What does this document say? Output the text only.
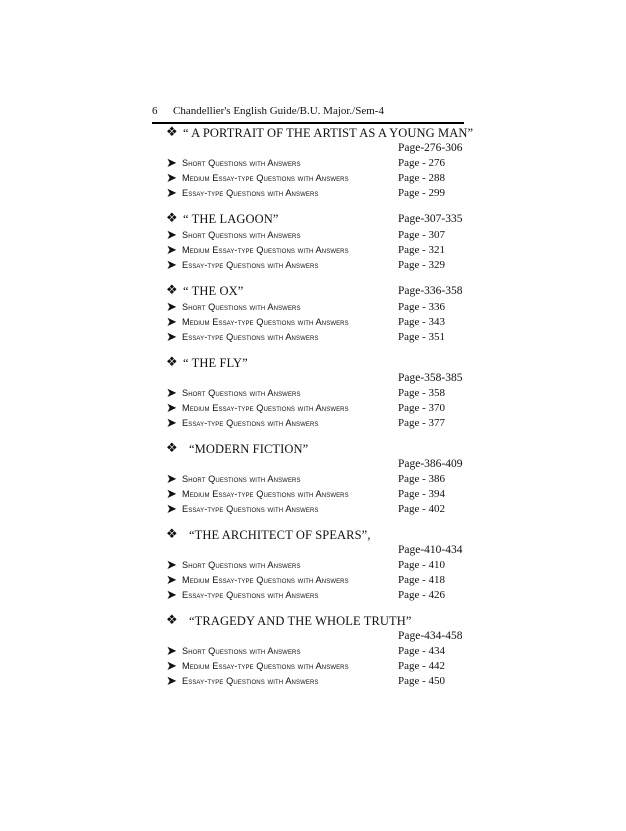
6 Chandellier's English Guide/B.U. Major./Sem-4
❖ “ A PORTRAIT OF THE ARTIST AS A YOUNG MAN”
Page-276-306
➤ Short Questions with Answers	Page - 276
➤ Medium Essay-type Questions with Answers	Page - 288
➤ Essay-type Questions with Answers	Page - 299
❖ “ THE LAGOON”	Page-307-335
➤ Short Questions with Answers	Page - 307
➤ Medium Essay-type Questions with Answers	Page - 321
➤ Essay-type Questions with Answers	Page - 329
❖ “ THE OX”	Page-336-358
➤ Short Questions with Answers	Page - 336
➤ Medium Essay-type Questions with Answers	Page - 343
➤ Essay-type Questions with Answers	Page - 351
❖ “ THE FLY”
Page-358-385
➤ Short Questions with Answers	Page - 358
➤ Medium Essay-type Questions with Answers	Page - 370
➤ Essay-type Questions with Answers	Page - 377
❖ “MODERN FICTION”
Page-386-409
➤ Short Questions with Answers	Page - 386
➤ Medium Essay-type Questions with Answers	Page - 394
➤ Essay-type Questions with Answers	Page - 402
❖ “THE ARCHITECT OF SPEARS”,
Page-410-434
➤ Short Questions with Answers	Page - 410
➤ Medium Essay-type Questions with Answers	Page - 418
➤ Essay-type Questions with Answers	Page - 426
❖ “TRAGEDY AND THE WHOLE TRUTH”
Page-434-458
➤ Short Questions with Answers	Page - 434
➤ Medium Essay-type Questions with Answers	Page - 442
➤ Essay-type Questions with Answers	Page - 450
